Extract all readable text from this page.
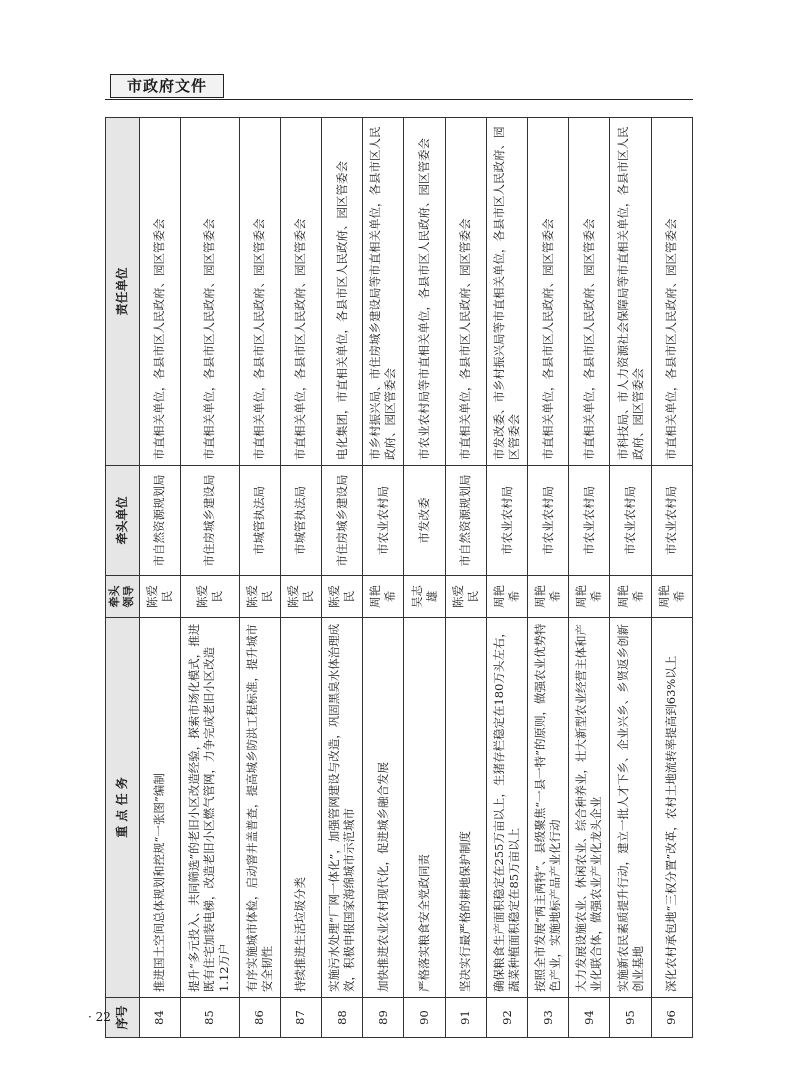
市政府文件
序号	重 点 任 务	牵头领导	牵头单位	责任单位
84	推进国土空间总体规划和控规“一张图”编制	陈爱民	市自然资源规划局	市直相关单位，各县市区人民政府、园区管委会
85	提升“多元投入、共同筛选”的老旧小区改造经验，探索市场化模式，推进既有住宅加装电梯，改造老旧小区燃气管网，力争完成老旧小区改造1.12万户	陈爱民	市住房城乡建设局	市直相关单位，各县市区人民政府、园区管委会
86	有序实施城市体检，启动窨井盖普查，提高城乡防洪工程标准，提升城市安全韧性	陈爱民	市城管执法局	市直相关单位，各县市区人民政府、园区管委会
87	持续推进生活垃圾分类	陈爱民	市城管执法局	市直相关单位，各县市区人民政府、园区管委会
88	实施污水处理“厂网一体化”，加强管网建设与改造，巩固黑臭水体治理成效，积极申报国家海绵城市示范城市	陈爱民	市住房城乡建设局	电化集团，市直相关单位，各县市区人民政府、园区管委会
89	加快推进农业农村现代化，促进城乡融合发展	周艳希	市农业农村局	市乡村振兴局、市住房城乡建设局等市直相关单位，各县市区人民政府、园区管委会
90	严格落实粮食安全党政同责	吴志雄	市发改委	市农业农村局等市直相关单位，各县市区人民政府、园区管委会
91	坚决实行最严格的耕地保护制度	陈爱民	市自然资源规划局	市直相关单位，各县市区人民政府、园区管委会
92	确保粮食生产面积稳定在255万亩以上，生猪存栏稳定在180万头左右，蔬菜种植面积稳定在85万亩以上	周艳希	市农业农村局	市发改委、市乡村振兴局等市直相关单位，各县市区人民政府、园区管委会
93	按照全市发展“两主两特”、县级聚焦“一县一特”的原则，做强农业优势特色产业，实施地标产品产业化行动	周艳希	市农业农村局	市直相关单位，各县市区人民政府、园区管委会
94	大力发展设施农业、休闲农业、综合种养业，壮大新型农业经营主体和产业化联合体，做强农业产业化龙头企业	周艳希	市农业农村局	市直相关单位，各县市区人民政府、园区管委会
95	实施新农民素质提升行动，建立一批人才下乡、企业兴乡、乡贤返乡创新创业基地	周艳希	市农业农村局	市科技局、市人力资源社会保障局等市直相关单位，各县市区人民政府、园区管委会
96	深化农村承包地“三权分置”改革，农村土地流转率提高到63%以上	周艳希	市农业农村局	市直相关单位，各县市区人民政府、园区管委会
· 22 ·
